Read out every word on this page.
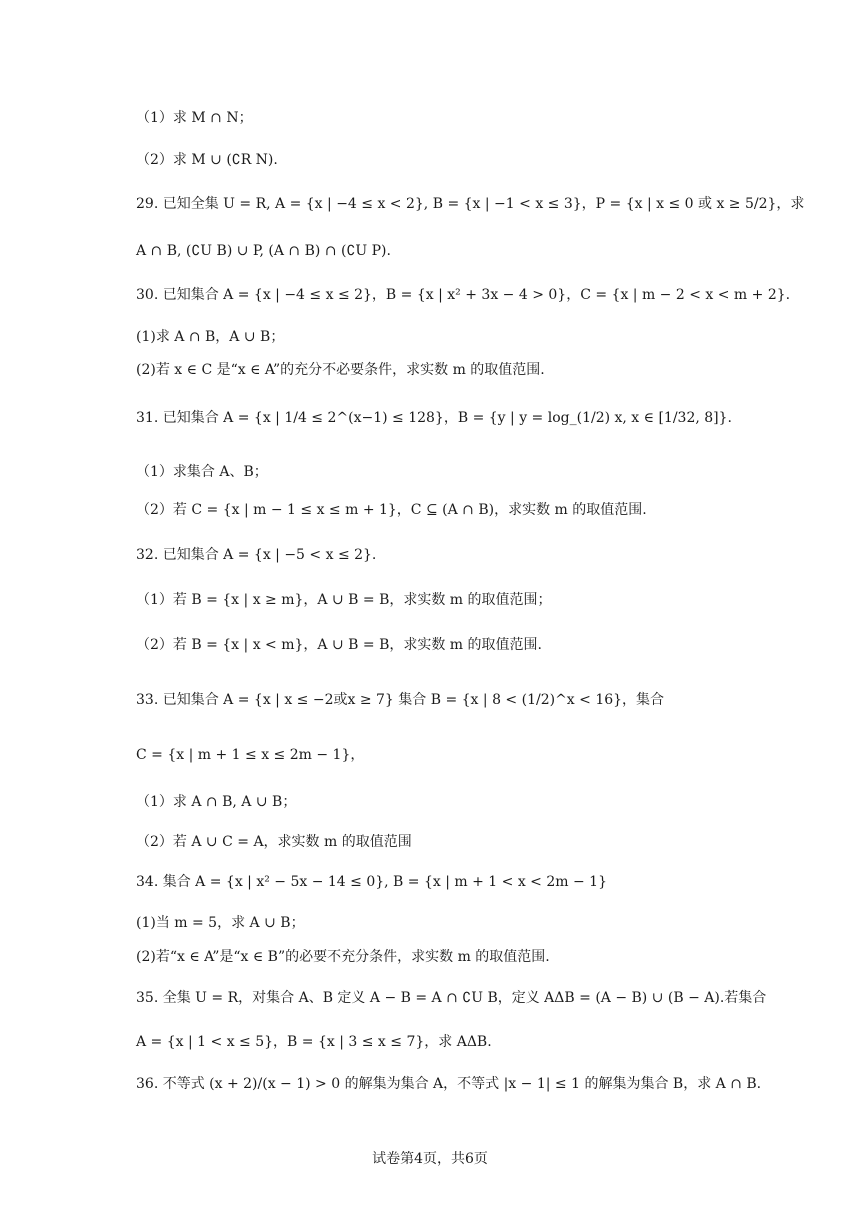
（1）求 M ∩ N；
（2）求 M ∪ (∁R N).
29. 已知全集 U = R, A = {x | −4 ≤ x < 2}, B = {x | −1 < x ≤ 3}，P = {x | x ≤ 0 或 x ≥ 5/2}，求
A ∩ B, (∁U B) ∪ P, (A ∩ B) ∩ (∁U P).
30. 已知集合 A = {x | −4 ≤ x ≤ 2}，B = {x | x² + 3x − 4 > 0}，C = {x | m − 2 < x < m + 2}.
(1)求 A ∩ B，A ∪ B；
(2)若 x ∈ C 是“x ∈ A”的充分不必要条件，求实数 m 的取值范围.
31. 已知集合 A = {x | 1/4 ≤ 2^(x−1) ≤ 128}，B = {y | y = log_(1/2) x, x ∈ [1/32, 8]}.
（1）求集合 A、B；
（2）若 C = {x | m − 1 ≤ x ≤ m + 1}，C ⊆ (A ∩ B)，求实数 m 的取值范围.
32. 已知集合 A = {x | −5 < x ≤ 2}.
（1）若 B = {x | x ≥ m}，A ∪ B = B，求实数 m 的取值范围；
（2）若 B = {x | x < m}，A ∪ B = B，求实数 m 的取值范围.
33. 已知集合 A = {x | x ≤ −2或x ≥ 7} 集合 B = {x | 8 < (1/2)^x < 16}，集合
C = {x | m + 1 ≤ x ≤ 2m − 1}，
（1）求 A ∩ B, A ∪ B；
（2）若 A ∪ C = A，求实数 m 的取值范围
34. 集合 A = {x | x² − 5x − 14 ≤ 0}, B = {x | m + 1 < x < 2m − 1}
(1)当 m = 5，求 A ∪ B；
(2)若“x ∈ A”是“x ∈ B”的必要不充分条件，求实数 m 的取值范围.
35. 全集 U = R，对集合 A、B 定义 A − B = A ∩ ∁U B，定义 AΔB = (A − B) ∪ (B − A).若集合
A = {x | 1 < x ≤ 5}，B = {x | 3 ≤ x ≤ 7}，求 AΔB.
36. 不等式 (x + 2)/(x − 1) > 0 的解集为集合 A，不等式 |x − 1| ≤ 1 的解集为集合 B，求 A ∩ B.
试卷第4页，共6页
